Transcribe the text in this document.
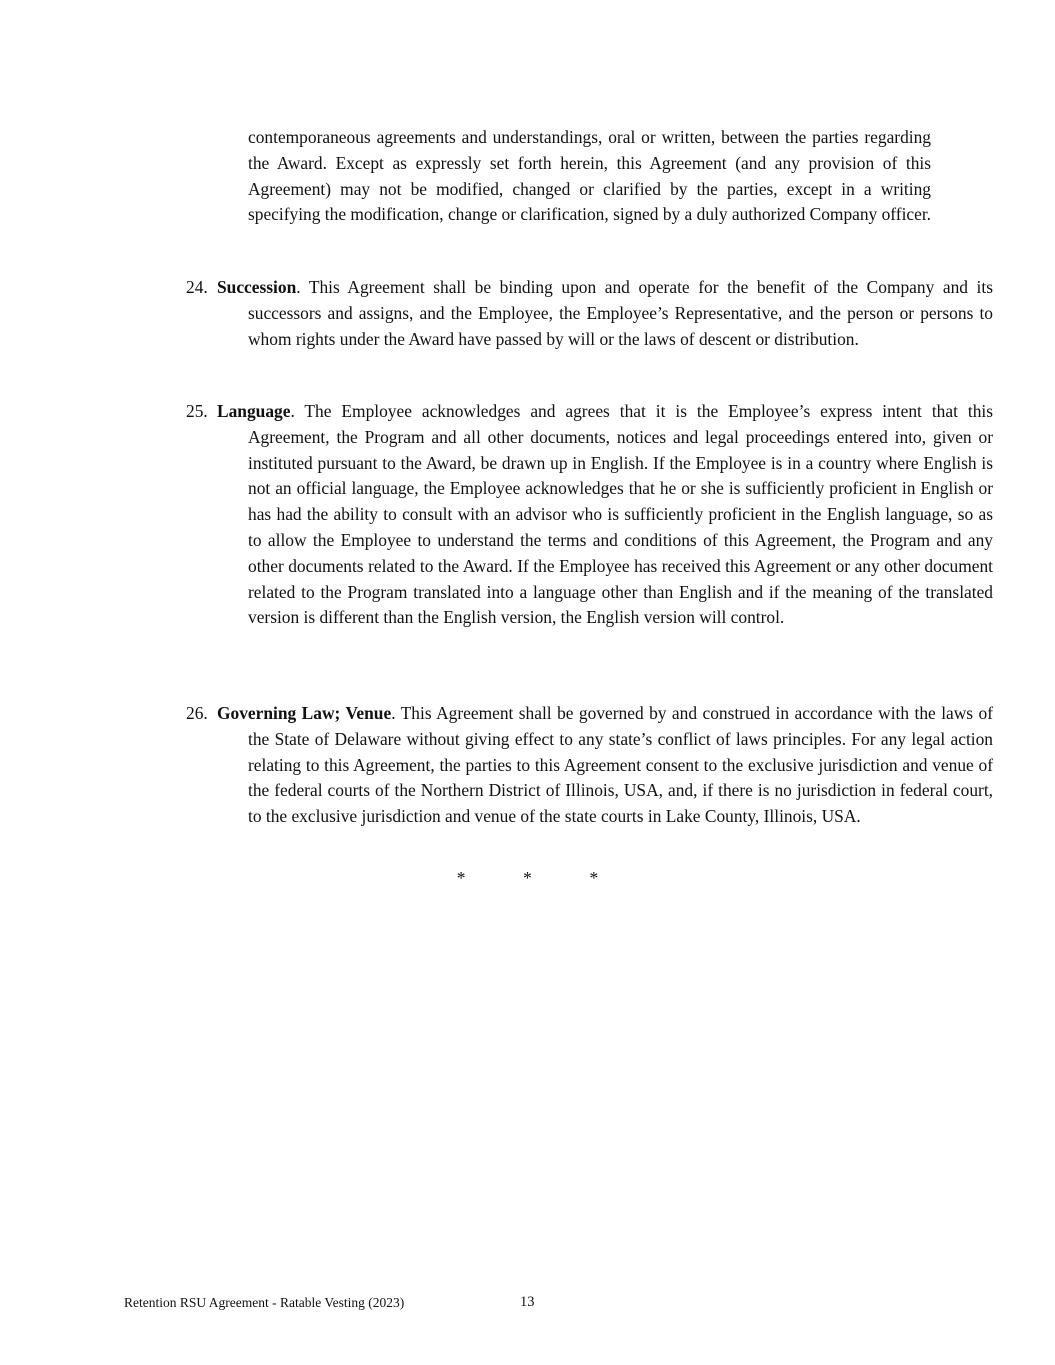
contemporaneous agreements and understandings, oral or written, between the parties regarding the Award. Except as expressly set forth herein, this Agreement (and any provision of this Agreement) may not be modified, changed or clarified by the parties, except in a writing specifying the modification, change or clarification, signed by a duly authorized Company officer.

24. Succession. This Agreement shall be binding upon and operate for the benefit of the Company and its successors and assigns, and the Employee, the Employee’s Representative, and the person or persons to whom rights under the Award have passed by will or the laws of descent or distribution.

25. Language. The Employee acknowledges and agrees that it is the Employee’s express intent that this Agreement, the Program and all other documents, notices and legal proceedings entered into, given or instituted pursuant to the Award, be drawn up in English. If the Employee is in a country where English is not an official language, the Employee acknowledges that he or she is sufficiently proficient in English or has had the ability to consult with an advisor who is sufficiently proficient in the English language, so as to allow the Employee to understand the terms and conditions of this Agreement, the Program and any other documents related to the Award. If the Employee has received this Agreement or any other document related to the Program translated into a language other than English and if the meaning of the translated version is different than the English version, the English version will control.

26. Governing Law; Venue. This Agreement shall be governed by and construed in accordance with the laws of the State of Delaware without giving effect to any state’s conflict of laws principles. For any legal action relating to this Agreement, the parties to this Agreement consent to the exclusive jurisdiction and venue of the federal courts of the Northern District of Illinois, USA, and, if there is no jurisdiction in federal court, to the exclusive jurisdiction and venue of the state courts in Lake County, Illinois, USA.

*	*	*
Retention RSU Agreement - Ratable Vesting (2023)	13
